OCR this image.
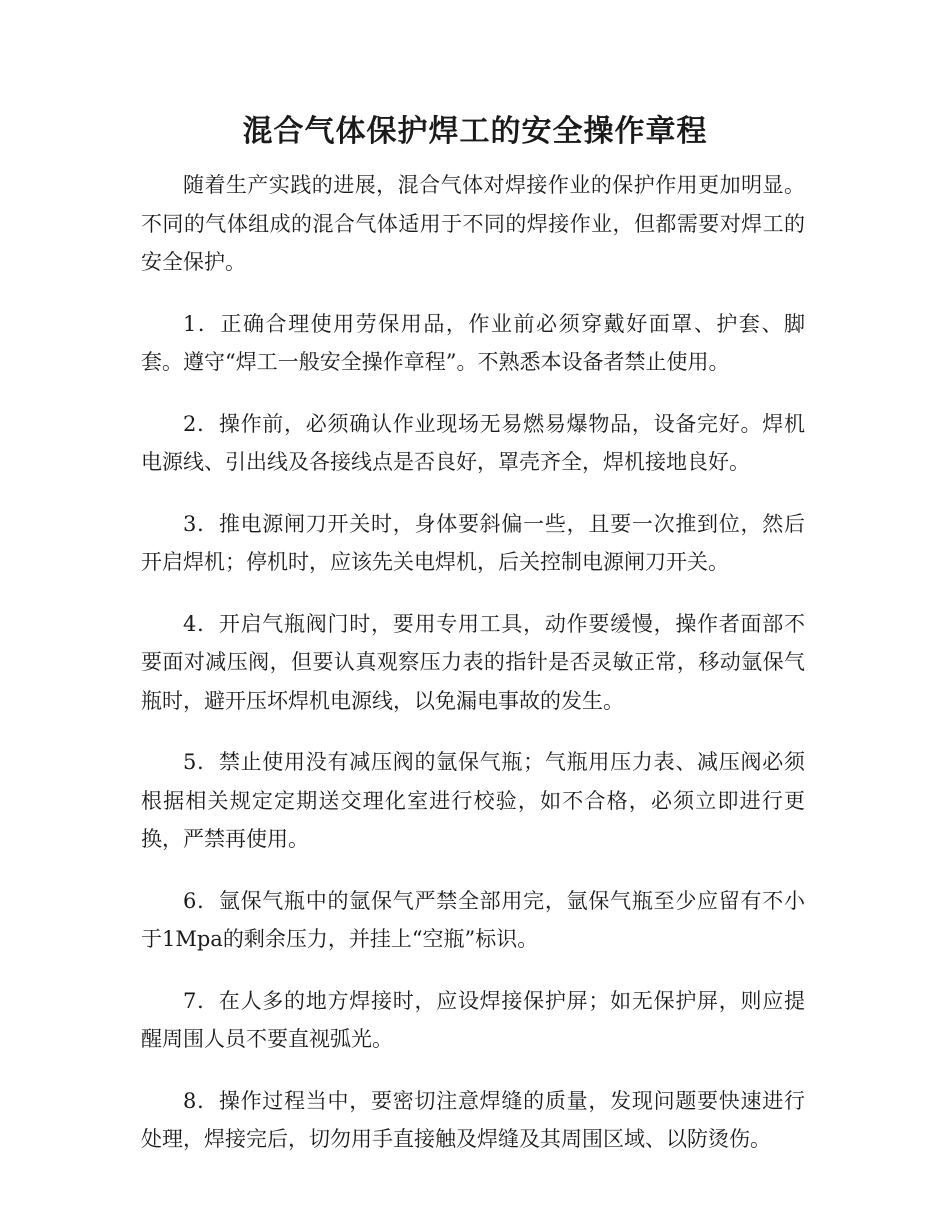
混合气体保护焊工的安全操作章程

随着生产实践的进展，混合气体对焊接作业的保护作用更加明显。不同的气体组成的混合气体适用于不同的焊接作业，但都需要对焊工的安全保护。

1．正确合理使用劳保用品，作业前必须穿戴好面罩、护套、脚套。遵守“焊工一般安全操作章程”。不熟悉本设备者禁止使用。

2．操作前，必须确认作业现场无易燃易爆物品，设备完好。焊机电源线、引出线及各接线点是否良好，罩壳齐全，焊机接地良好。

3．推电源闸刀开关时，身体要斜偏一些，且要一次推到位，然后开启焊机；停机时，应该先关电焊机，后关控制电源闸刀开关。

4．开启气瓶阀门时，要用专用工具，动作要缓慢，操作者面部不要面对减压阀，但要认真观察压力表的指针是否灵敏正常，移动氩保气瓶时，避开压坏焊机电源线，以免漏电事故的发生。

5．禁止使用没有减压阀的氩保气瓶；气瓶用压力表、减压阀必须根据相关规定定期送交理化室进行校验，如不合格，必须立即进行更换，严禁再使用。

6．氩保气瓶中的氩保气严禁全部用完，氩保气瓶至少应留有不小于1Mpa的剩余压力，并挂上“空瓶”标识。

7．在人多的地方焊接时，应设焊接保护屏；如无保护屏，则应提醒周围人员不要直视弧光。

8．操作过程当中，要密切注意焊缝的质量，发现问题要快速进行处理，焊接完后，切勿用手直接触及焊缝及其周围区域、以防烫伤。
